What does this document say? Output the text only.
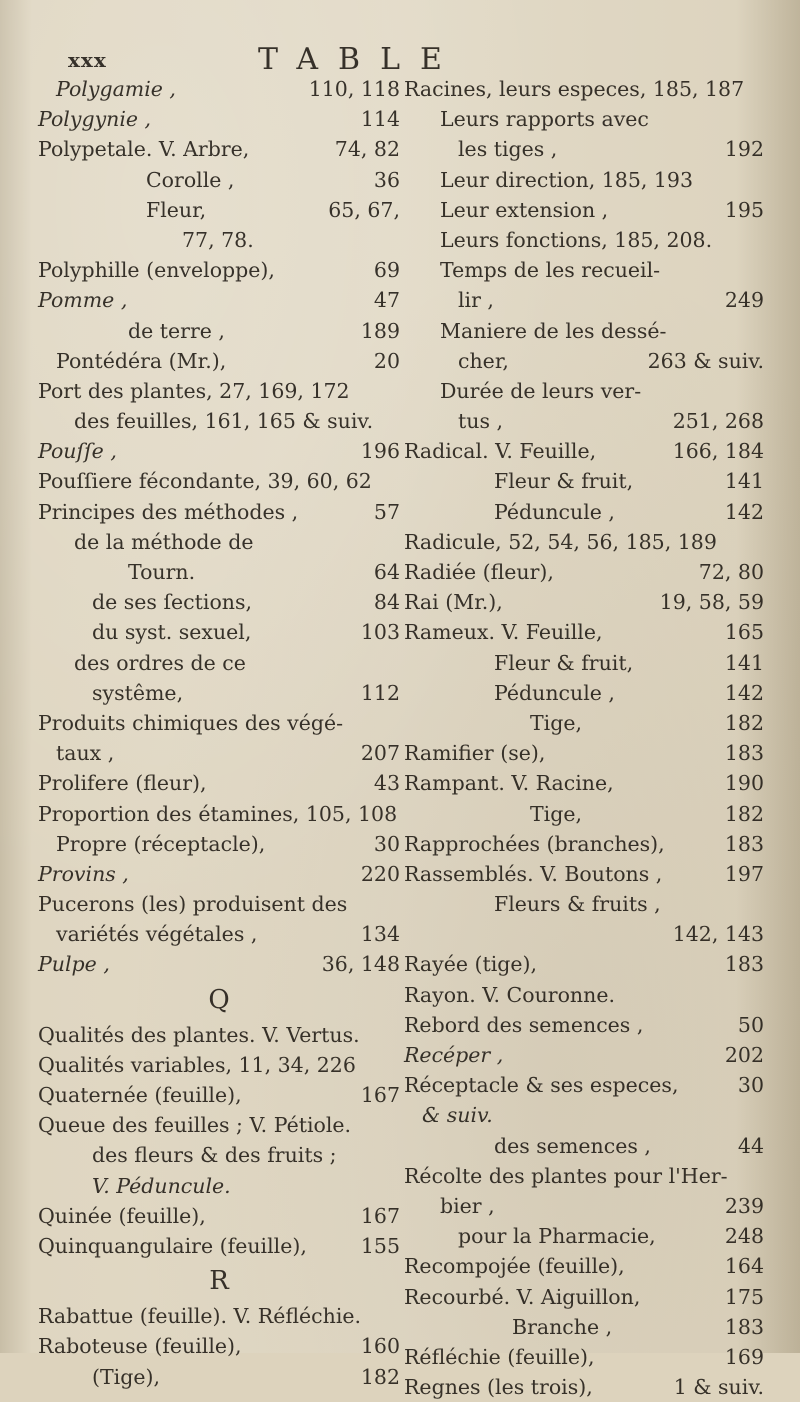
xxx	TABLE
Polygamie ,	110, 118
Polygynie ,	114
Polypetale. V. Arbre,	74, 82
Corolle ,	36
Fleur,	65, 67,
77, 78.
Polyphille (enveloppe),	69
Pomme ,	47
de terre ,	189
Pontédéra (Mr.),	20
Port des plantes, 27, 169, 172
des feuilles, 161, 165 & suiv.
Pouſſe ,	196
Pouſſiere fécondante, 39, 60, 62
Principes des méthodes ,	57
de la méthode de
Tourn.	64
de ses ſections,	84
du syst. sexuel,	103
des ordres de ce
systême,	112
Produits chimiques des végé-
taux ,	207
Prolifere (fleur),	43
Proportion des étamines, 105, 108
Propre (réceptacle),	30
Provins ,	220
Pucerons (les) produisent des
variétés végétales ,	134
Pulpe ,	36, 148
Q
Qualités des plantes. V. Vertus.
Qualités variables, 11, 34, 226
Quaternée (feuille),	167
Queue des feuilles ; V. Pétiole.
des fleurs & des fruits ;
V. Péduncule.
Quinée (feuille),	167
Quinquangulaire (feuille),	155
R
Rabattue (feuille). V. Réfléchie.
Raboteuse (feuille),	160
(Tige),	182
Racines, leurs especes, 185, 187
Leurs rapports avec
les tiges ,	192
Leur direction, 185, 193
Leur extension ,	195
Leurs fonctions, 185, 208.
Temps de les recueil-
lir ,	249
Maniere de les dessé-
cher,	263 & suiv.
Durée de leurs ver-
tus ,	251, 268
Radical. V. Feuille,	166, 184
Fleur & fruit,	141
Péduncule ,	142
Radicule, 52, 54, 56, 185, 189
Radiée (fleur),	72, 80
Rai (Mr.),	19, 58, 59
Rameux. V. Feuille,	165
Fleur & fruit,	141
Péduncule ,	142
Tige,	182
Ramifier (se),	183
Rampant. V. Racine,	190
Tige,	182
Rapprochées (branches),	183
Rassemblés. V. Boutons ,	197
Fleurs & fruits ,
142, 143
Rayée (tige),	183
Rayon. V. Couronne.
Rebord des semences ,	50
Recéper ,	202
Réceptacle & ses especes,	30
& suiv.
des semences ,	44
Récolte des plantes pour l'Her-
bier ,	239
pour la Pharmacie,	248
Recompojée (feuille),	164
Recourbé. V. Aiguillon,	175
Branche ,	183
Réfléchie (feuille),	169
Regnes (les trois),	1 & suiv.
